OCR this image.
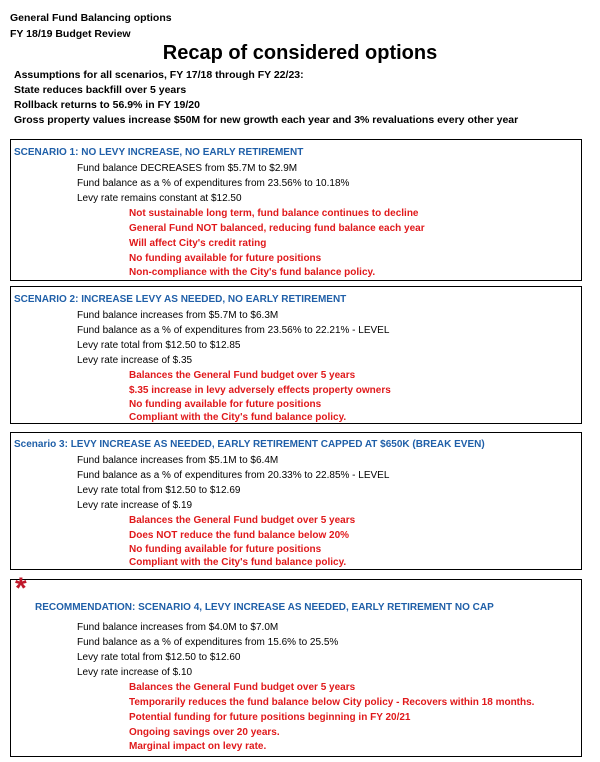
General Fund Balancing options
FY 18/19 Budget Review
Recap of considered options
Assumptions for all scenarios, FY 17/18 through FY 22/23:
State reduces backfill over 5 years
Rollback returns to 56.9% in FY 19/20
Gross property values increase $50M for new growth each year and 3% revaluations every other year
SCENARIO 1: NO LEVY INCREASE, NO EARLY RETIREMENT
Fund balance DECREASES from $5.7M to $2.9M
Fund balance as a % of expenditures from 23.56% to 10.18%
Levy rate remains constant at $12.50
Not sustainable long term, fund balance continues to decline
General Fund NOT balanced, reducing fund balance each year
Will affect City's credit rating
No funding available for future positions
Non-compliance with the City's fund balance policy.
SCENARIO 2: INCREASE LEVY AS NEEDED, NO EARLY RETIREMENT
Fund balance increases from $5.7M to $6.3M
Fund balance as a % of expenditures from 23.56% to 22.21% - LEVEL
Levy rate total from $12.50 to $12.85
Levy rate increase of $.35
Balances the General Fund budget over 5 years
$.35 increase in levy adversely effects property owners
No funding available for future positions
Compliant with the City's fund balance policy.
Scenario 3: LEVY INCREASE AS NEEDED, EARLY RETIREMENT CAPPED AT $650K (BREAK EVEN)
Fund balance increases from $5.1M to $6.4M
Fund balance as a % of expenditures from 20.33% to 22.85% - LEVEL
Levy rate total from $12.50 to $12.69
Levy rate increase of $.19
Balances the General Fund budget over 5 years
Does NOT reduce the fund balance below 20%
No funding available for future positions
Compliant with the City's fund balance policy.
*
RECOMMENDATION: SCENARIO 4, LEVY INCREASE AS NEEDED, EARLY RETIREMENT NO CAP
Fund balance increases from $4.0M to $7.0M
Fund balance as a % of expenditures from 15.6% to 25.5%
Levy rate total from $12.50 to $12.60
Levy rate increase of $.10
Balances the General Fund budget over 5 years
Temporarily reduces the fund balance below City policy - Recovers within 18 months.
Potential funding for future positions beginning in FY 20/21
Ongoing savings over 20 years.
Marginal impact on levy rate.
